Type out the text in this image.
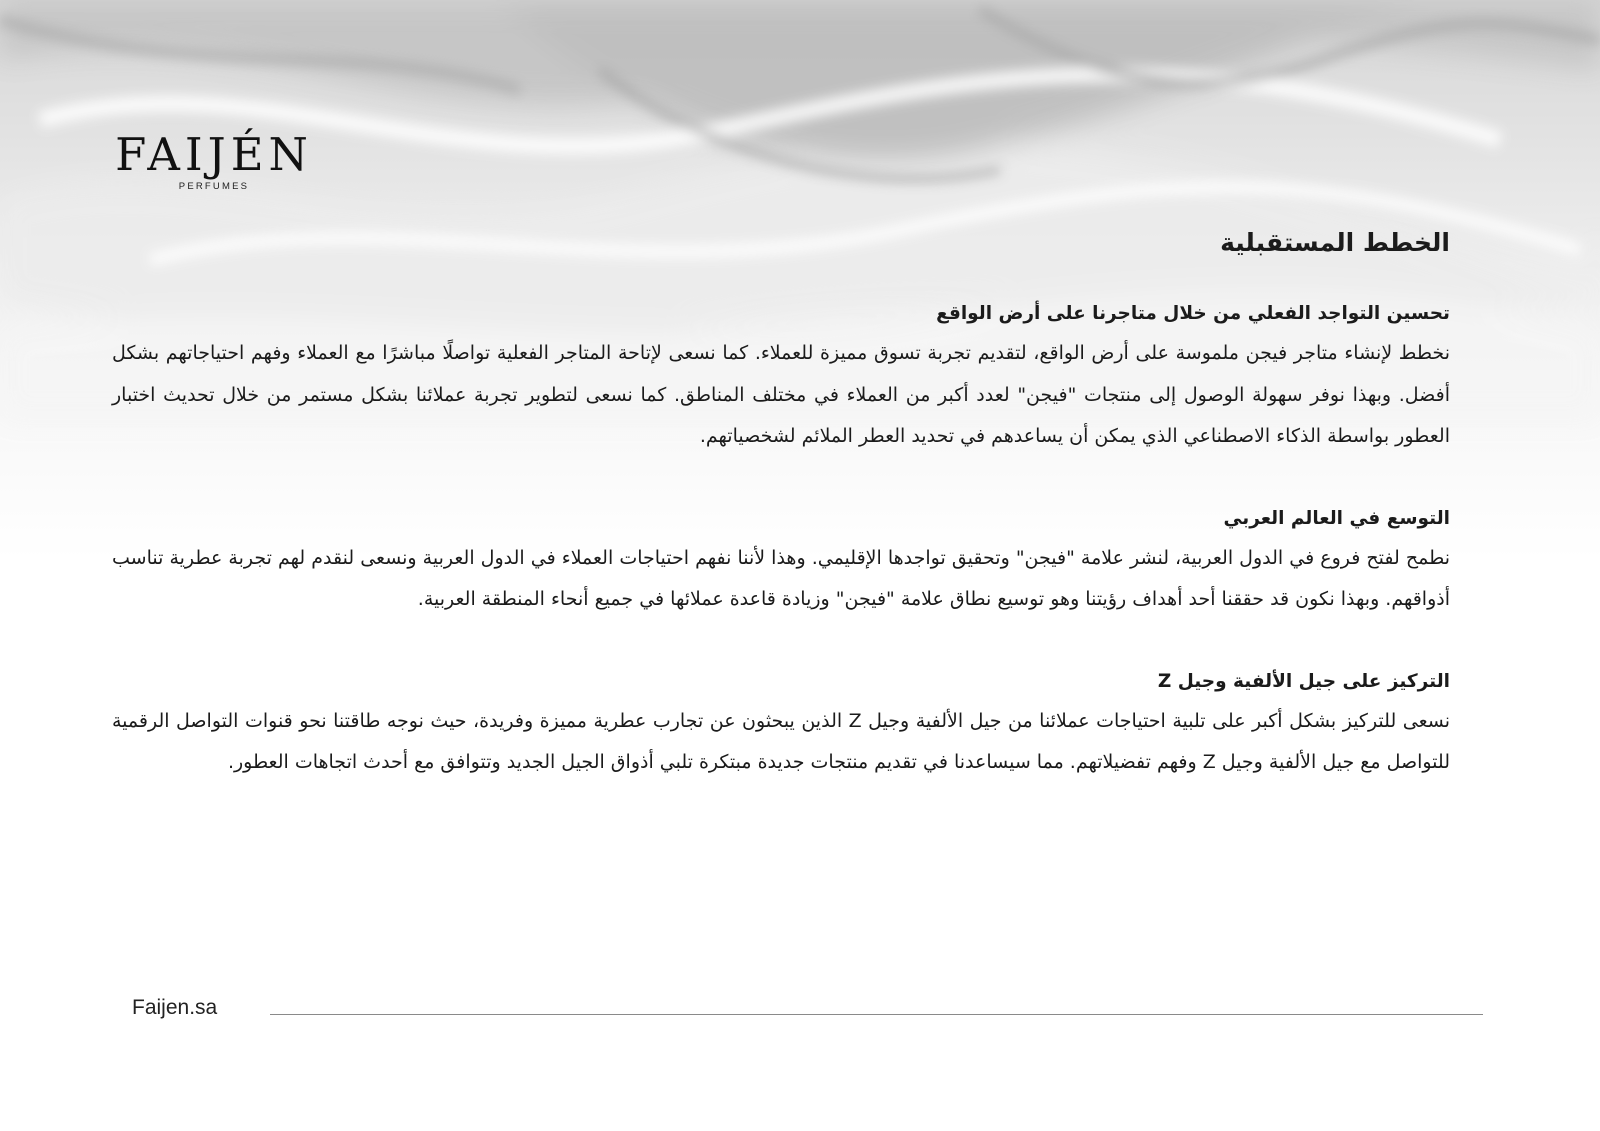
FAIJÉN
PERFUMES
الخطط المستقبلية
تحسين التواجد الفعلي من خلال متاجرنا على أرض الواقع

نخطط لإنشاء متاجر فيجن ملموسة على أرض الواقع، لتقديم تجربة تسوق مميزة للعملاء. كما نسعى لإتاحة المتاجر الفعلية تواصلًا مباشرًا مع العملاء وفهم احتياجاتهم بشكل أفضل. وبهذا نوفر سهولة الوصول إلى منتجات "فيجن" لعدد أكبر من العملاء في مختلف المناطق. كما نسعى لتطوير تجربة عملائنا بشكل مستمر من خلال تحديث اختبار العطور بواسطة الذكاء الاصطناعي الذي يمكن أن يساعدهم في تحديد العطر الملائم لشخصياتهم.

التوسع في العالم العربي

نطمح لفتح فروع في الدول العربية، لنشر علامة "فيجن" وتحقيق تواجدها الإقليمي. وهذا لأننا نفهم احتياجات العملاء في الدول العربية ونسعى لنقدم لهم تجربة عطرية تناسب أذواقهم. وبهذا نكون قد حققنا أحد أهداف رؤيتنا وهو توسيع نطاق علامة "فيجن" وزيادة قاعدة عملائها في جميع أنحاء المنطقة العربية.

التركيز على جيل الألفية وجيل Z

نسعى للتركيز بشكل أكبر على تلبية احتياجات عملائنا من جيل الألفية وجيل Z الذين يبحثون عن تجارب عطرية مميزة وفريدة، حيث نوجه طاقتنا نحو قنوات التواصل الرقمية للتواصل مع جيل الألفية وجيل Z وفهم تفضيلاتهم. مما سيساعدنا في تقديم منتجات جديدة مبتكرة تلبي أذواق الجيل الجديد وتتوافق مع أحدث اتجاهات العطور.

Faijen.sa
